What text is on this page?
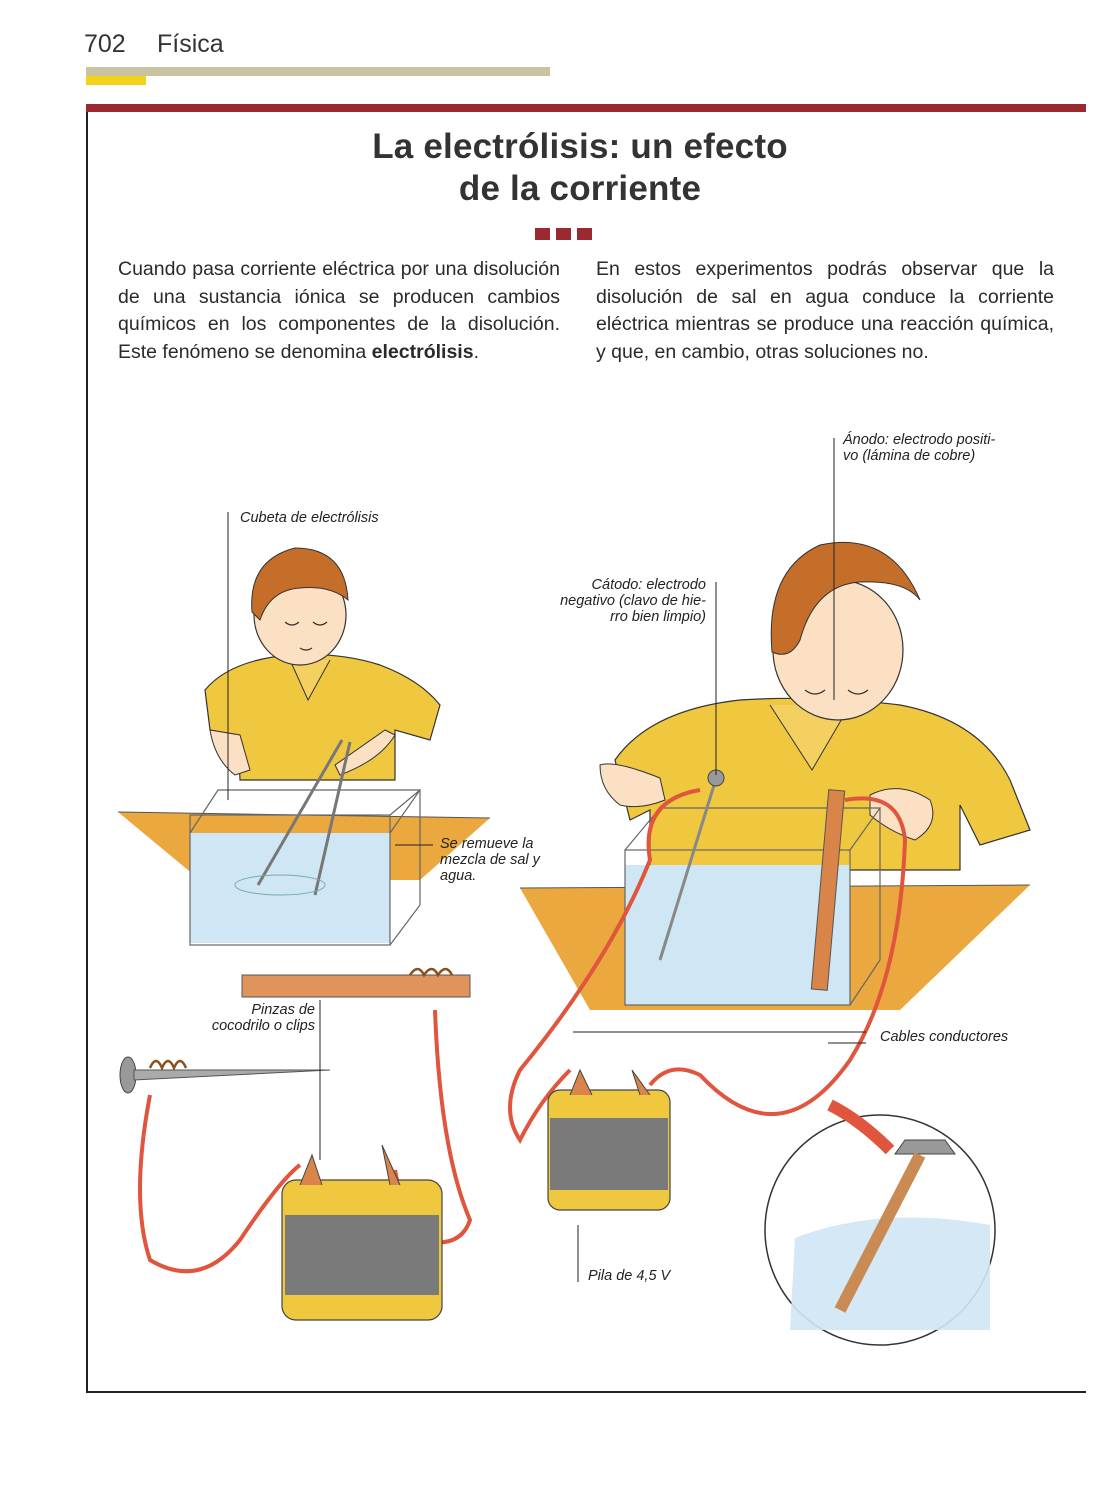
702 Física
La electrólisis: un efecto
de la corriente
Cuando pasa corriente eléctrica por una disolución de una sustancia iónica se producen cambios químicos en los componentes de la disolución. Este fenómeno se denomina electrólisis.
En estos experimentos podrás observar que la disolución de sal en agua conduce la corriente eléctrica mientras se produce una reacción química, y que, en cambio, otras soluciones no.
Cubeta de electrólisis
Se remueve la
mezcla de sal y
agua.
Pinzas de
cocodrilo o clips
Ánodo: electrodo positi-
vo (lámina de cobre)
Cátodo: electrodo
negativo (clavo de hie-
rro bien limpio)
Cables conductores
Pila de 4,5 V
